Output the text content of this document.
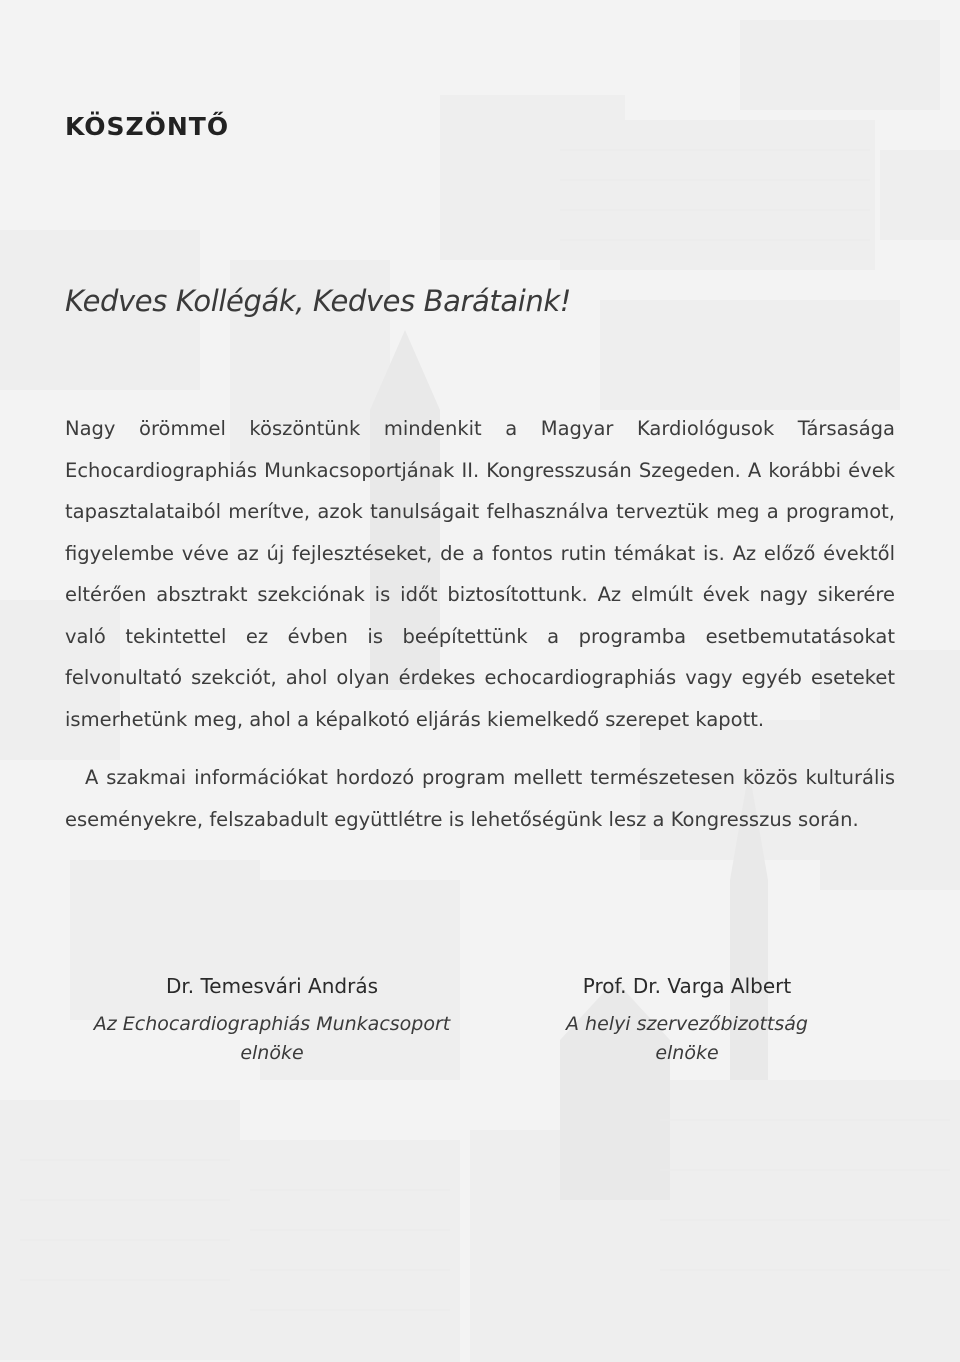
KÖSZÖNTŐ
Kedves Kollégák, Kedves Barátaink!

Nagy örömmel köszöntünk mindenkit a Magyar Kardiológusok Társasága Echocardiographiás Munkacsoportjának II. Kongresszusán Szegeden. A korábbi évek tapasztalataiból merítve, azok tanulságait felhasználva terveztük meg a programot, figyelembe véve az új fejlesztéseket, de a fontos rutin témákat is. Az előző évektől eltérően absztrakt szekciónak is időt biztosítottunk. Az elmúlt évek nagy sikerére való tekintettel ez évben is beépítettünk a programba esetbemutatásokat felvonultató szekciót, ahol olyan érdekes echocardiographiás vagy egyéb eseteket ismerhetünk meg, ahol a képalkotó eljárás kiemelkedő szerepet kapott.

A szakmai információkat hordozó program mellett természetesen közös kulturális eseményekre, felszabadult együttlétre is lehetőségünk lesz a Kongresszus során.

Dr. Temesvári András
Az Echocardiographiás Munkacsoport
elnöke
Prof. Dr. Varga Albert
A helyi szervezőbizottság
elnöke
